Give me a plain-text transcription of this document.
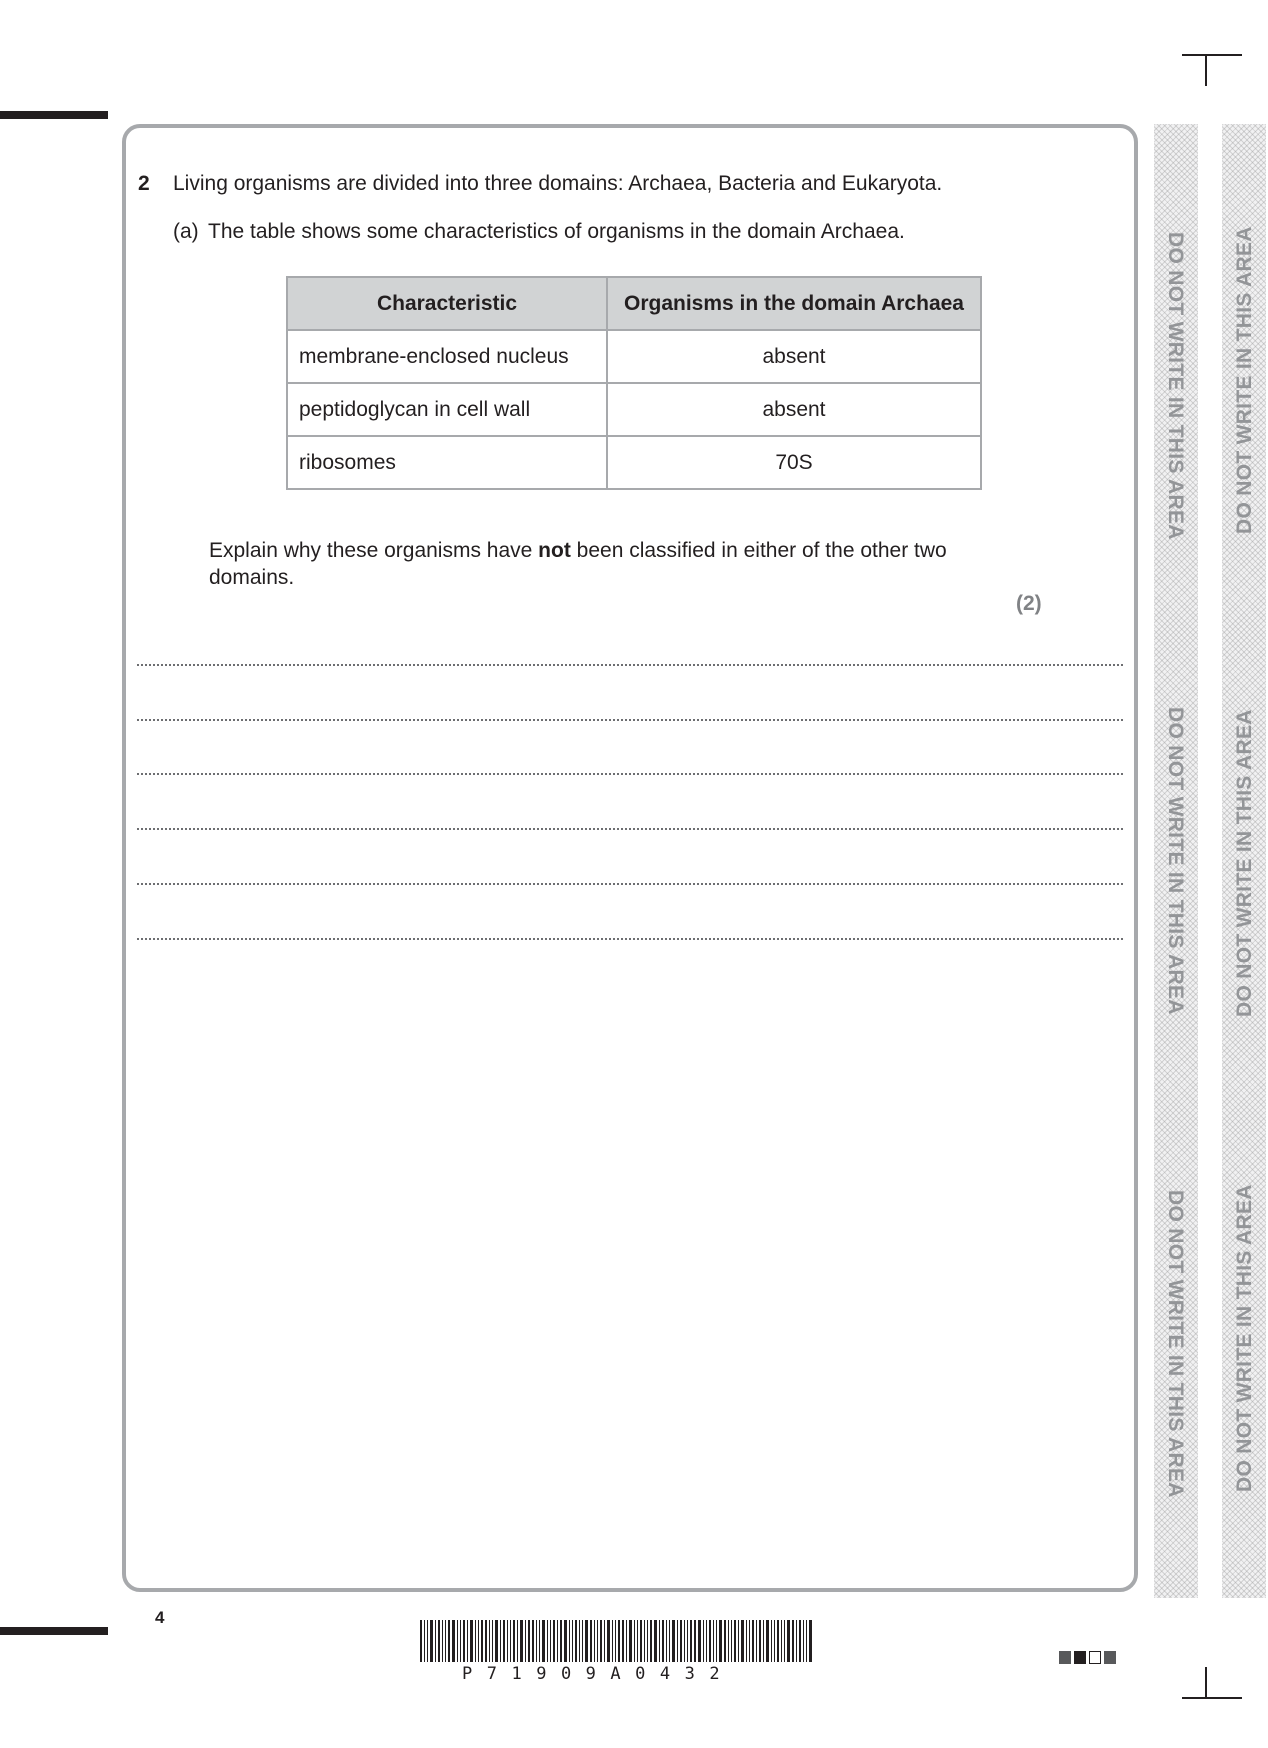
2 Living organisms are divided into three domains: Archaea, Bacteria and Eukaryota.
(a) The table shows some characteristics of organisms in the domain Archaea.
Characteristic	Organisms in the domain Archaea
membrane-enclosed nucleus	absent
peptidoglycan in cell wall	absent
ribosomes	70S
Explain why these organisms have not been classified in either of the other two domains.
(2)
DO NOT WRITE IN THIS AREA
DO NOT WRITE IN THIS AREA
DO NOT WRITE IN THIS AREA
DO NOT WRITE IN THIS AREA
DO NOT WRITE IN THIS AREA
DO NOT WRITE IN THIS AREA
4
P71909A0432
